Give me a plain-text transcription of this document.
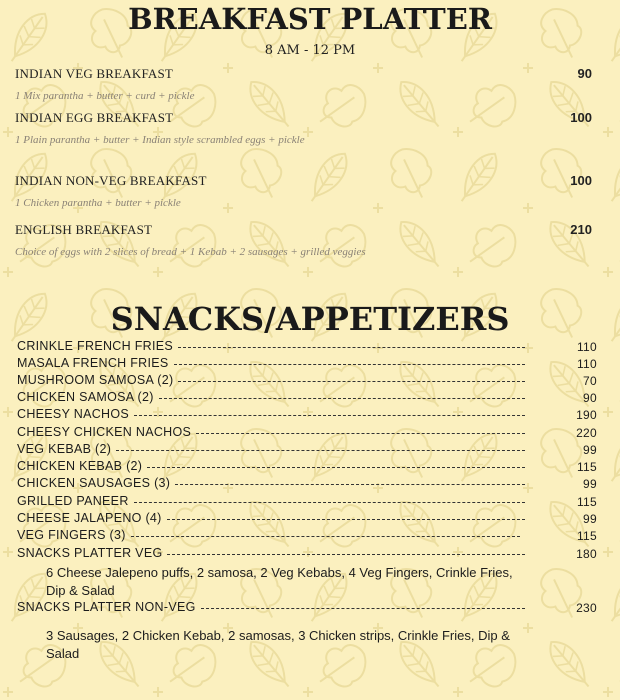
BREAKFAST PLATTER
8 AM - 12 PM
INDIAN VEG BREAKFAST	90
1 Mix parantha + butter + curd + pickle
INDIAN EGG BREAKFAST	100
1 Plain parantha + butter + Indian style scrambled eggs + pickle
INDIAN NON-VEG BREAKFAST	100
1 Chicken parantha + butter + pickle
ENGLISH BREAKFAST	210
Choice of eggs with 2 slices of bread + 1 Kebab + 2 sausages + grilled veggies
SNACKS/APPETIZERS
CRINKLE FRENCH FRIES	110
MASALA FRENCH FRIES	110
MUSHROOM SAMOSA (2)	70
CHICKEN SAMOSA (2)	90
CHEESY NACHOS	190
CHEESY CHICKEN NACHOS	220
VEG KEBAB (2)	99
CHICKEN KEBAB (2)	115
CHICKEN SAUSAGES (3)	99
GRILLED PANEER	115
CHEESE JALAPENO (4)	99
VEG FINGERS (3)	115
SNACKS PLATTER VEG	180
SNACKS PLATTER NON-VEG	230
6 Cheese Jalepeno puffs, 2 samosa, 2 Veg Kebabs, 4 Veg Fingers, Crinkle Fries, Dip & Salad
3 Sausages, 2 Chicken Kebab, 2 samosas, 3 Chicken strips, Crinkle Fries, Dip & Salad
